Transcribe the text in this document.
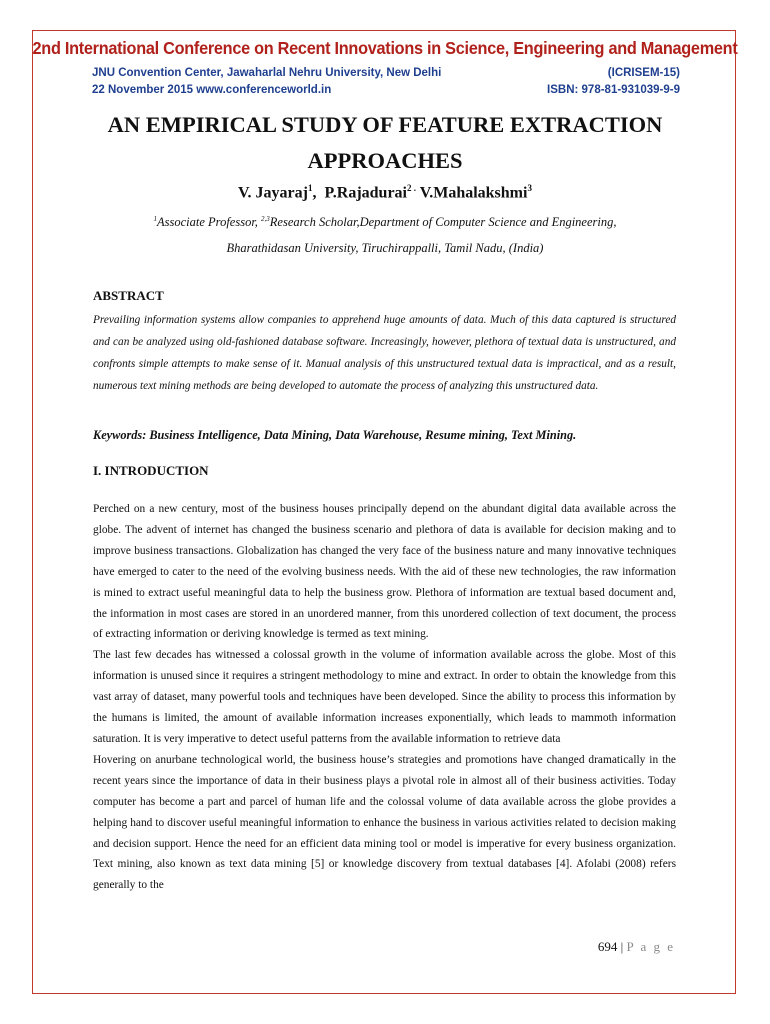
2nd International Conference on Recent Innovations in Science, Engineering and Management
JNU Convention Center, Jawaharlal Nehru University, New Delhi	(ICRISEM-15)
22 November 2015 www.conferenceworld.in	ISBN: 978-81-931039-9-9
AN EMPIRICAL STUDY OF FEATURE EXTRACTION
APPROACHES
V. Jayaraj$^1$,  P.Rajadurai$^{2 .}$ V.Mahalakshmi$^3$
$^1$Associate Professor, $^{2,3}$Research Scholar,Department of Computer Science and Engineering,
Bharathidasan University, Tiruchirappalli, Tamil Nadu, (India)
ABSTRACT
Prevailing information systems allow companies to apprehend huge amounts of data. Much of this data captured is structured and can be analyzed using old-fashioned database software. Increasingly, however, plethora of textual data is unstructured, and confronts simple attempts to make sense of it. Manual analysis of this unstructured textual data is impractical, and as a result, numerous text mining methods are being developed to automate the process of analyzing this unstructured data.
Keywords: Business Intelligence, Data Mining, Data Warehouse, Resume mining, Text Mining.
I. INTRODUCTION

Perched on a new century, most of the business houses principally depend on the abundant digital data available across the globe. The advent of internet has changed the business scenario and plethora of data is available for decision making and to improve business transactions. Globalization has changed the very face of the business nature and many innovative techniques have emerged to cater to the need of the evolving business needs. With the aid of these new technologies, the raw information is mined to extract useful meaningful data to help the business grow. Plethora of information are textual based document and, the information in most cases are stored in an unordered manner, from this unordered collection of text document, the process of extracting information or deriving knowledge is termed as text mining.

The last few decades has witnessed a colossal growth in the volume of information available across the globe. Most of this information is unused since it requires a stringent methodology to mine and extract. In order to obtain the knowledge from this vast array of dataset, many powerful tools and techniques have been developed. Since the ability to process this information by the humans is limited, the amount of available information increases exponentially, which leads to mammoth information saturation. It is very imperative to detect useful patterns from the available information to retrieve data

Hovering on anurbane technological world, the business house’s strategies and promotions have changed dramatically in the recent years since the importance of data in their business plays a pivotal role in almost all of their business activities. Today computer has become a part and parcel of human life and the colossal volume of data available across the globe provides a helping hand to discover useful meaningful information to enhance the business in various activities related to decision making and decision support. Hence the need for an efficient data mining tool or model is imperative for every business organization. Text mining, also known as text data mining [5] or knowledge discovery from textual databases [4]. Afolabi (2008) refers generally to the

694 | P a g e
